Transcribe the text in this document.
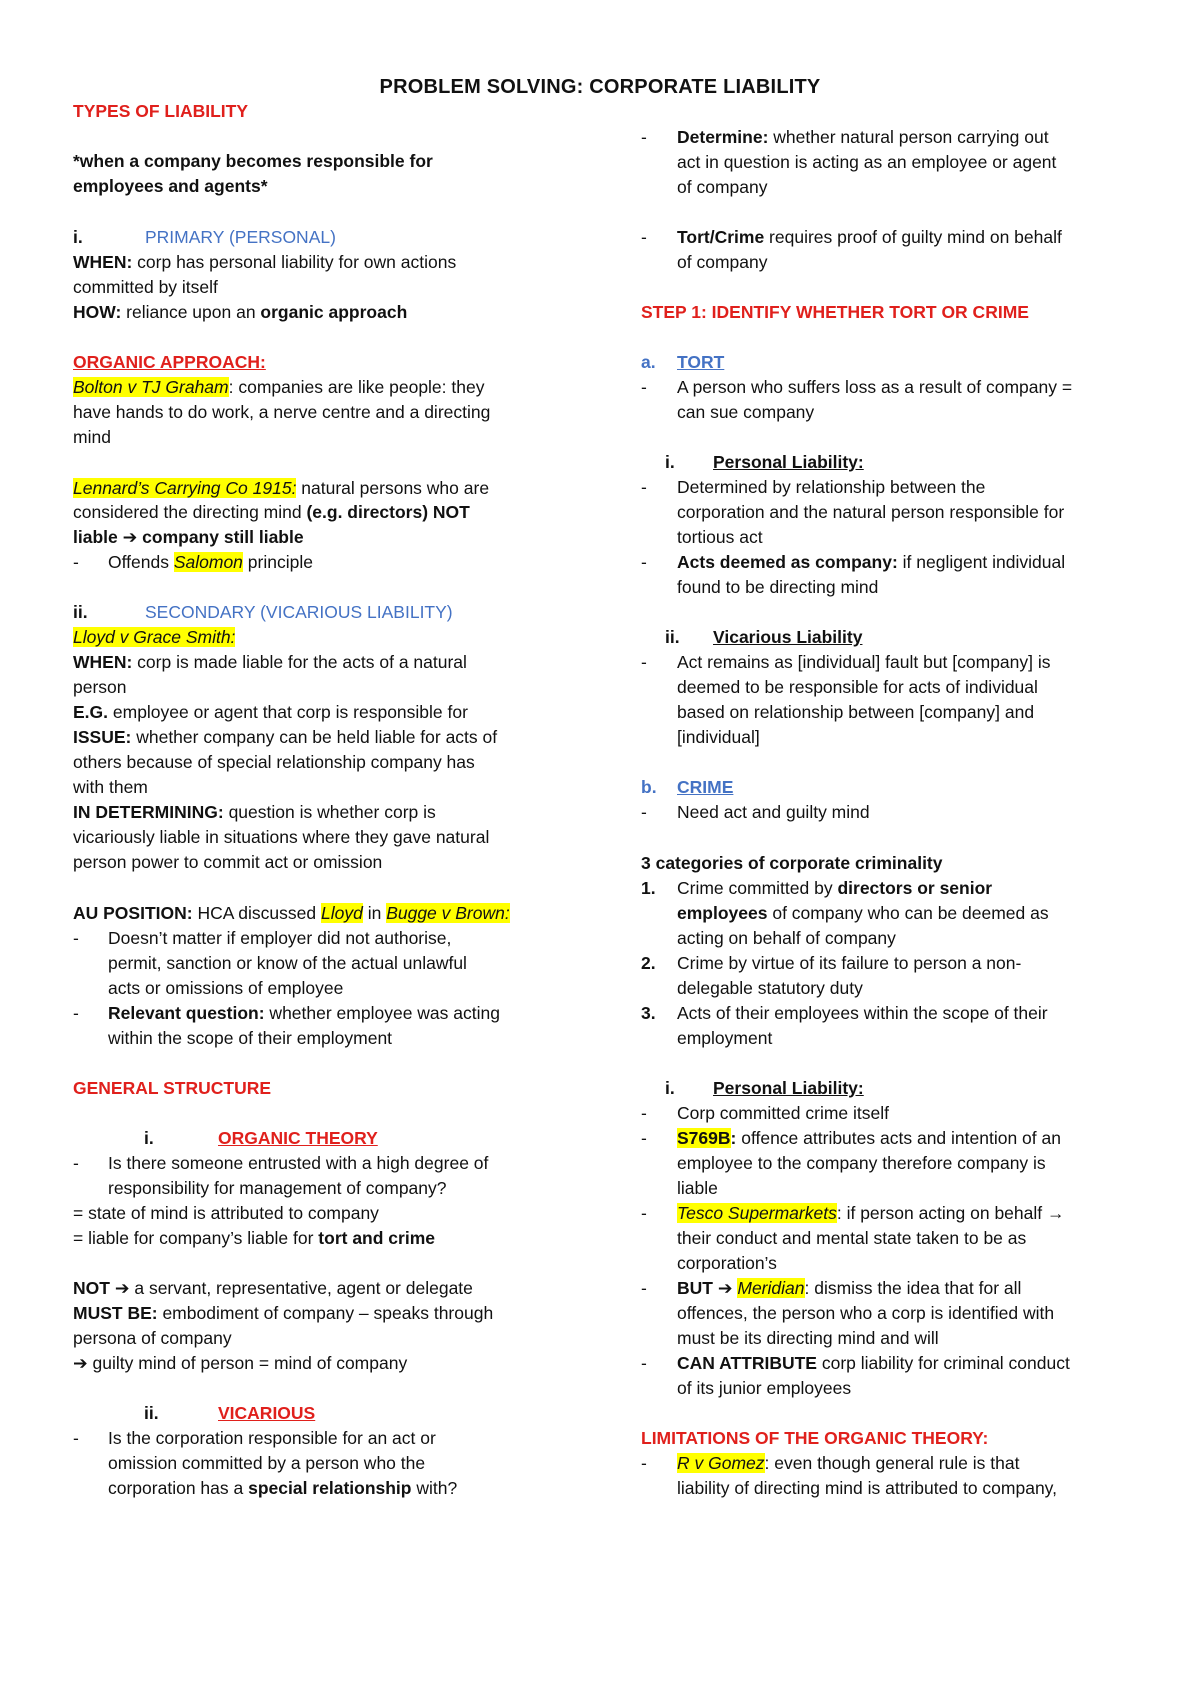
PROBLEM SOLVING: CORPORATE LIABILITY
TYPES OF LIABILITY
*when a company becomes responsible for
employees and agents*
i.	PRIMARY (PERSONAL)
WHEN: corp has personal liability for own actions
committed by itself
HOW: reliance upon an organic approach
ORGANIC APPROACH:
Bolton v TJ Graham: companies are like people: they
have hands to do work, a nerve centre and a directing
mind
Lennard’s Carrying Co 1915: natural persons who are
considered the directing mind (e.g. directors) NOT
liable ➔ company still liable
- Offends Salomon principle
ii.	SECONDARY (VICARIOUS LIABILITY)
Lloyd v Grace Smith:
WHEN: corp is made liable for the acts of a natural
person
E.G. employee or agent that corp is responsible for
ISSUE: whether company can be held liable for acts of
others because of special relationship company has
with them
IN DETERMINING: question is whether corp is
vicariously liable in situations where they gave natural
person power to commit act or omission
AU POSITION: HCA discussed Lloyd in Bugge v Brown:
- Doesn’t matter if employer did not authorise,
permit, sanction or know of the actual unlawful
acts or omissions of employee
- Relevant question: whether employee was acting
within the scope of their employment
GENERAL STRUCTURE
i.	ORGANIC THEORY
- Is there someone entrusted with a high degree of
responsibility for management of company?
= state of mind is attributed to company
= liable for company’s liable for tort and crime
NOT ➔ a servant, representative, agent or delegate
MUST BE: embodiment of company – speaks through
persona of company
➔ guilty mind of person = mind of company
ii.	VICARIOUS
- Is the corporation responsible for an act or
omission committed by a person who the
corporation has a special relationship with?
- Determine: whether natural person carrying out
act in question is acting as an employee or agent
of company
- Tort/Crime requires proof of guilty mind on behalf
of company
STEP 1: IDENTIFY WHETHER TORT OR CRIME
a. TORT
- A person who suffers loss as a result of company =
can sue company
i. Personal Liability:
- Determined by relationship between the
corporation and the natural person responsible for
tortious act
- Acts deemed as company: if negligent individual
found to be directing mind
ii. Vicarious Liability
- Act remains as [individual] fault but [company] is
deemed to be responsible for acts of individual
based on relationship between [company] and
[individual]
b. CRIME
- Need act and guilty mind
3 categories of corporate criminality
1. Crime committed by directors or senior
employees of company who can be deemed as
acting on behalf of company
2. Crime by virtue of its failure to person a non-
delegable statutory duty
3. Acts of their employees within the scope of their
employment
i. Personal Liability:
- Corp committed crime itself
- S769B: offence attributes acts and intention of an
employee to the company therefore company is
liable
- Tesco Supermarkets: if person acting on behalf →
their conduct and mental state taken to be as
corporation’s
- BUT ➔ Meridian: dismiss the idea that for all
offences, the person who a corp is identified with
must be its directing mind and will
- CAN ATTRIBUTE corp liability for criminal conduct
of its junior employees
LIMITATIONS OF THE ORGANIC THEORY:
- R v Gomez: even though general rule is that
liability of directing mind is attributed to company,
